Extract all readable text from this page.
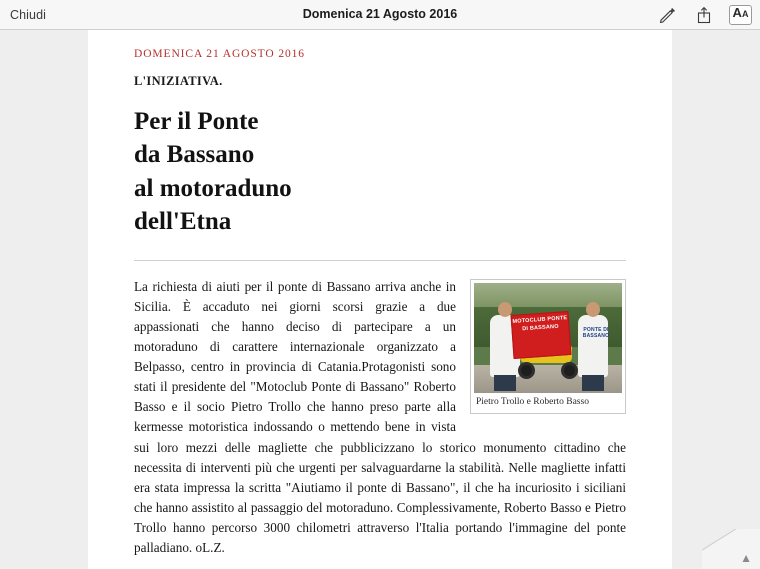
Chiudi	Domenica 21 Agosto 2016	A A
DOMENICA 21 AGOSTO 2016
L'INIZIATIVA.
Per il Ponte
da Bassano
al motoraduno
dell'Etna
MOTOCLUB PONTE DI BASSANO	PONTE DI BASSANO
Pietro Trollo e Roberto Basso

La richiesta di aiuti per il ponte di Bassano arriva anche in Sicilia. È accaduto nei giorni scorsi grazie a due appassionati che hanno deciso di partecipare a un motoraduno di carattere internazionale organizzato a Belpasso, centro in provincia di Catania.Protagonisti sono stati il presidente del "Motoclub Ponte di Bassano" Roberto Basso e il socio Pietro Trollo che hanno preso parte alla kermesse motoristica indossando o mettendo bene in vista sui loro mezzi delle magliette che pubblicizzano lo storico monumento cittadino che necessita di interventi più che urgenti per salvaguardarne la stabilità. Nelle magliette infatti era stata impressa la scritta "Aiutiamo il ponte di Bassano", il che ha incuriosito i siciliani che hanno assistito al passaggio del motoraduno. Complessivamente, Roberto Basso e Pietro Trollo hanno percorso 3000 chilometri attraverso l'Italia portando l'immagine del ponte palladiano. oL.Z.

▲
